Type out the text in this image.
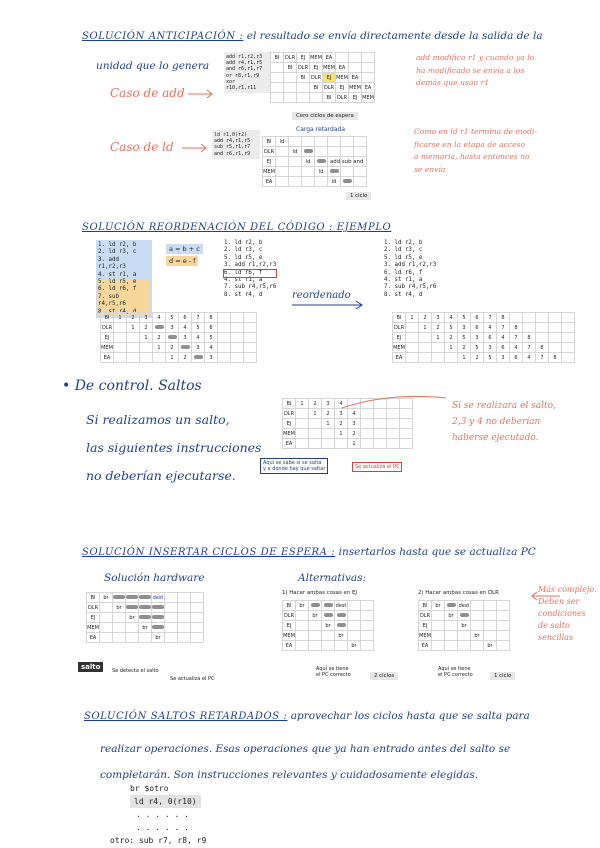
SOLUCIÓN ANTICIPACIÓN : el resultado se envía directamente desde la salida de la
unidad que lo genera
Caso de add
add r1,r2,r3
add r4,r1,r5
and r6,r1,r7
or r8,r1,r9
xor r10,r1,r11
BI	DLR	EJ	MEM	EA			
	BI	DLR	EJ	MEM	EA		
		BI	DLR	EJ	MEM	EA	
			BI	DLR	EJ	MEM	EA
				BI	DLR	EJ	MEM
Cero ciclos de espera
add modifica r1 y cuando ya lo
ha modificado se envía a los
demás que usan r1
Caso de ld
ld r1,0(r2)
add r4,r1,r5
sub r5,r1,r7
and r6,r1,r9
Carga retardada
BI	ld						
DLR		ld					
EJ			ld				
MEM				ld			
EA					ld		
add sub and
1 ciclo
Como en ld r1 termina de modi-
ficarse en la etapa de acceso
a memoria, hasta entonces no
se envía
SOLUCIÓN REORDENACIÓN DEL CÓDIGO : EJEMPLO
1. ld r2, b
2. ld r3, c
3. add r1,r2,r3
4. st r1, a
5. ld r5, e
6. ld r6, f
7. sub r4,r5,r6
8. st r4, d
a = b + c
d = e - f
1. ld r2, b
2. ld r3, c
5. ld r5, e
3. add r1,r2,r3
6. ld r6, f
4. st r1, a
7. sub r4,r5,r6
8. st r4, d	reordenado
1. ld r2, b
2. ld r3, c
5. ld r5, e
3. add r1,r2,r3
6. ld r6, f
4. st r1, a
7. sub r4,r5,r6
8. st r4, d
BI	1	2	3	4	5	6	7	8			
DLR		1	2		3	4	5	6			
EJ			1	2		3	4	5			
MEM				1	2		3	4			
EA					1	2		3			
BI	1	2	3	4	5	6	7	8					
DLR		1	2	5	3	6	4	7	8				
EJ			1	2	5	3	6	4	7	8			
MEM				1	2	5	3	6	4	7	8		
EA					1	2	5	3	6	4	7	8	
• De control. Saltos
Si realizamos un salto,
las siguientes instrucciones
no deberían ejecutarse.
BI	1	2	3	4					
DLR		1	2	3	4				
EJ			1	2	3				
MEM				1	2				
EA					1				
Aquí se sabe si se salta
y a dónde hay que saltar	Se actualiza el PC
Si se realizara el salto,
2,3 y 4 no deberían
haberse ejecutado.
SOLUCIÓN INSERTAR CICLOS DE ESPERA : insertarlos hasta que se actualiza PC
Solución hardware	Alternativas:
BI	br				dest			
DLR		br						
EJ			br					
MEM				br				
EA					br			
salto	Se detecta el salto
Se actualiza el PC
1) Hacer ambas cosas en EJ
BI	br			dest		
DLR		br				
EJ			br			
MEM				br		
EA					br	
Aquí se tiene
el PC correcto	2 ciclos
2) Hacer ambas cosas en DLR
BI	br		dest			
DLR		br				
EJ			br			
MEM				br		
EA					br	
Aquí se tiene
el PC correcto	1 ciclo
Más complejo.
Deben ser
condiciones
de salto
sencillas
SOLUCIÓN SALTOS RETARDADOS : aprovechar los ciclos hasta que se salta para
realizar operaciones. Esas operaciones que ya han entrado antes del salto se
completarán. Son instrucciones relevantes y cuidadosamente elegidas.
br $otro
ld r4, 0(r10)
. . . . . .
. . . . . .
otro: sub r7, r8, r9
